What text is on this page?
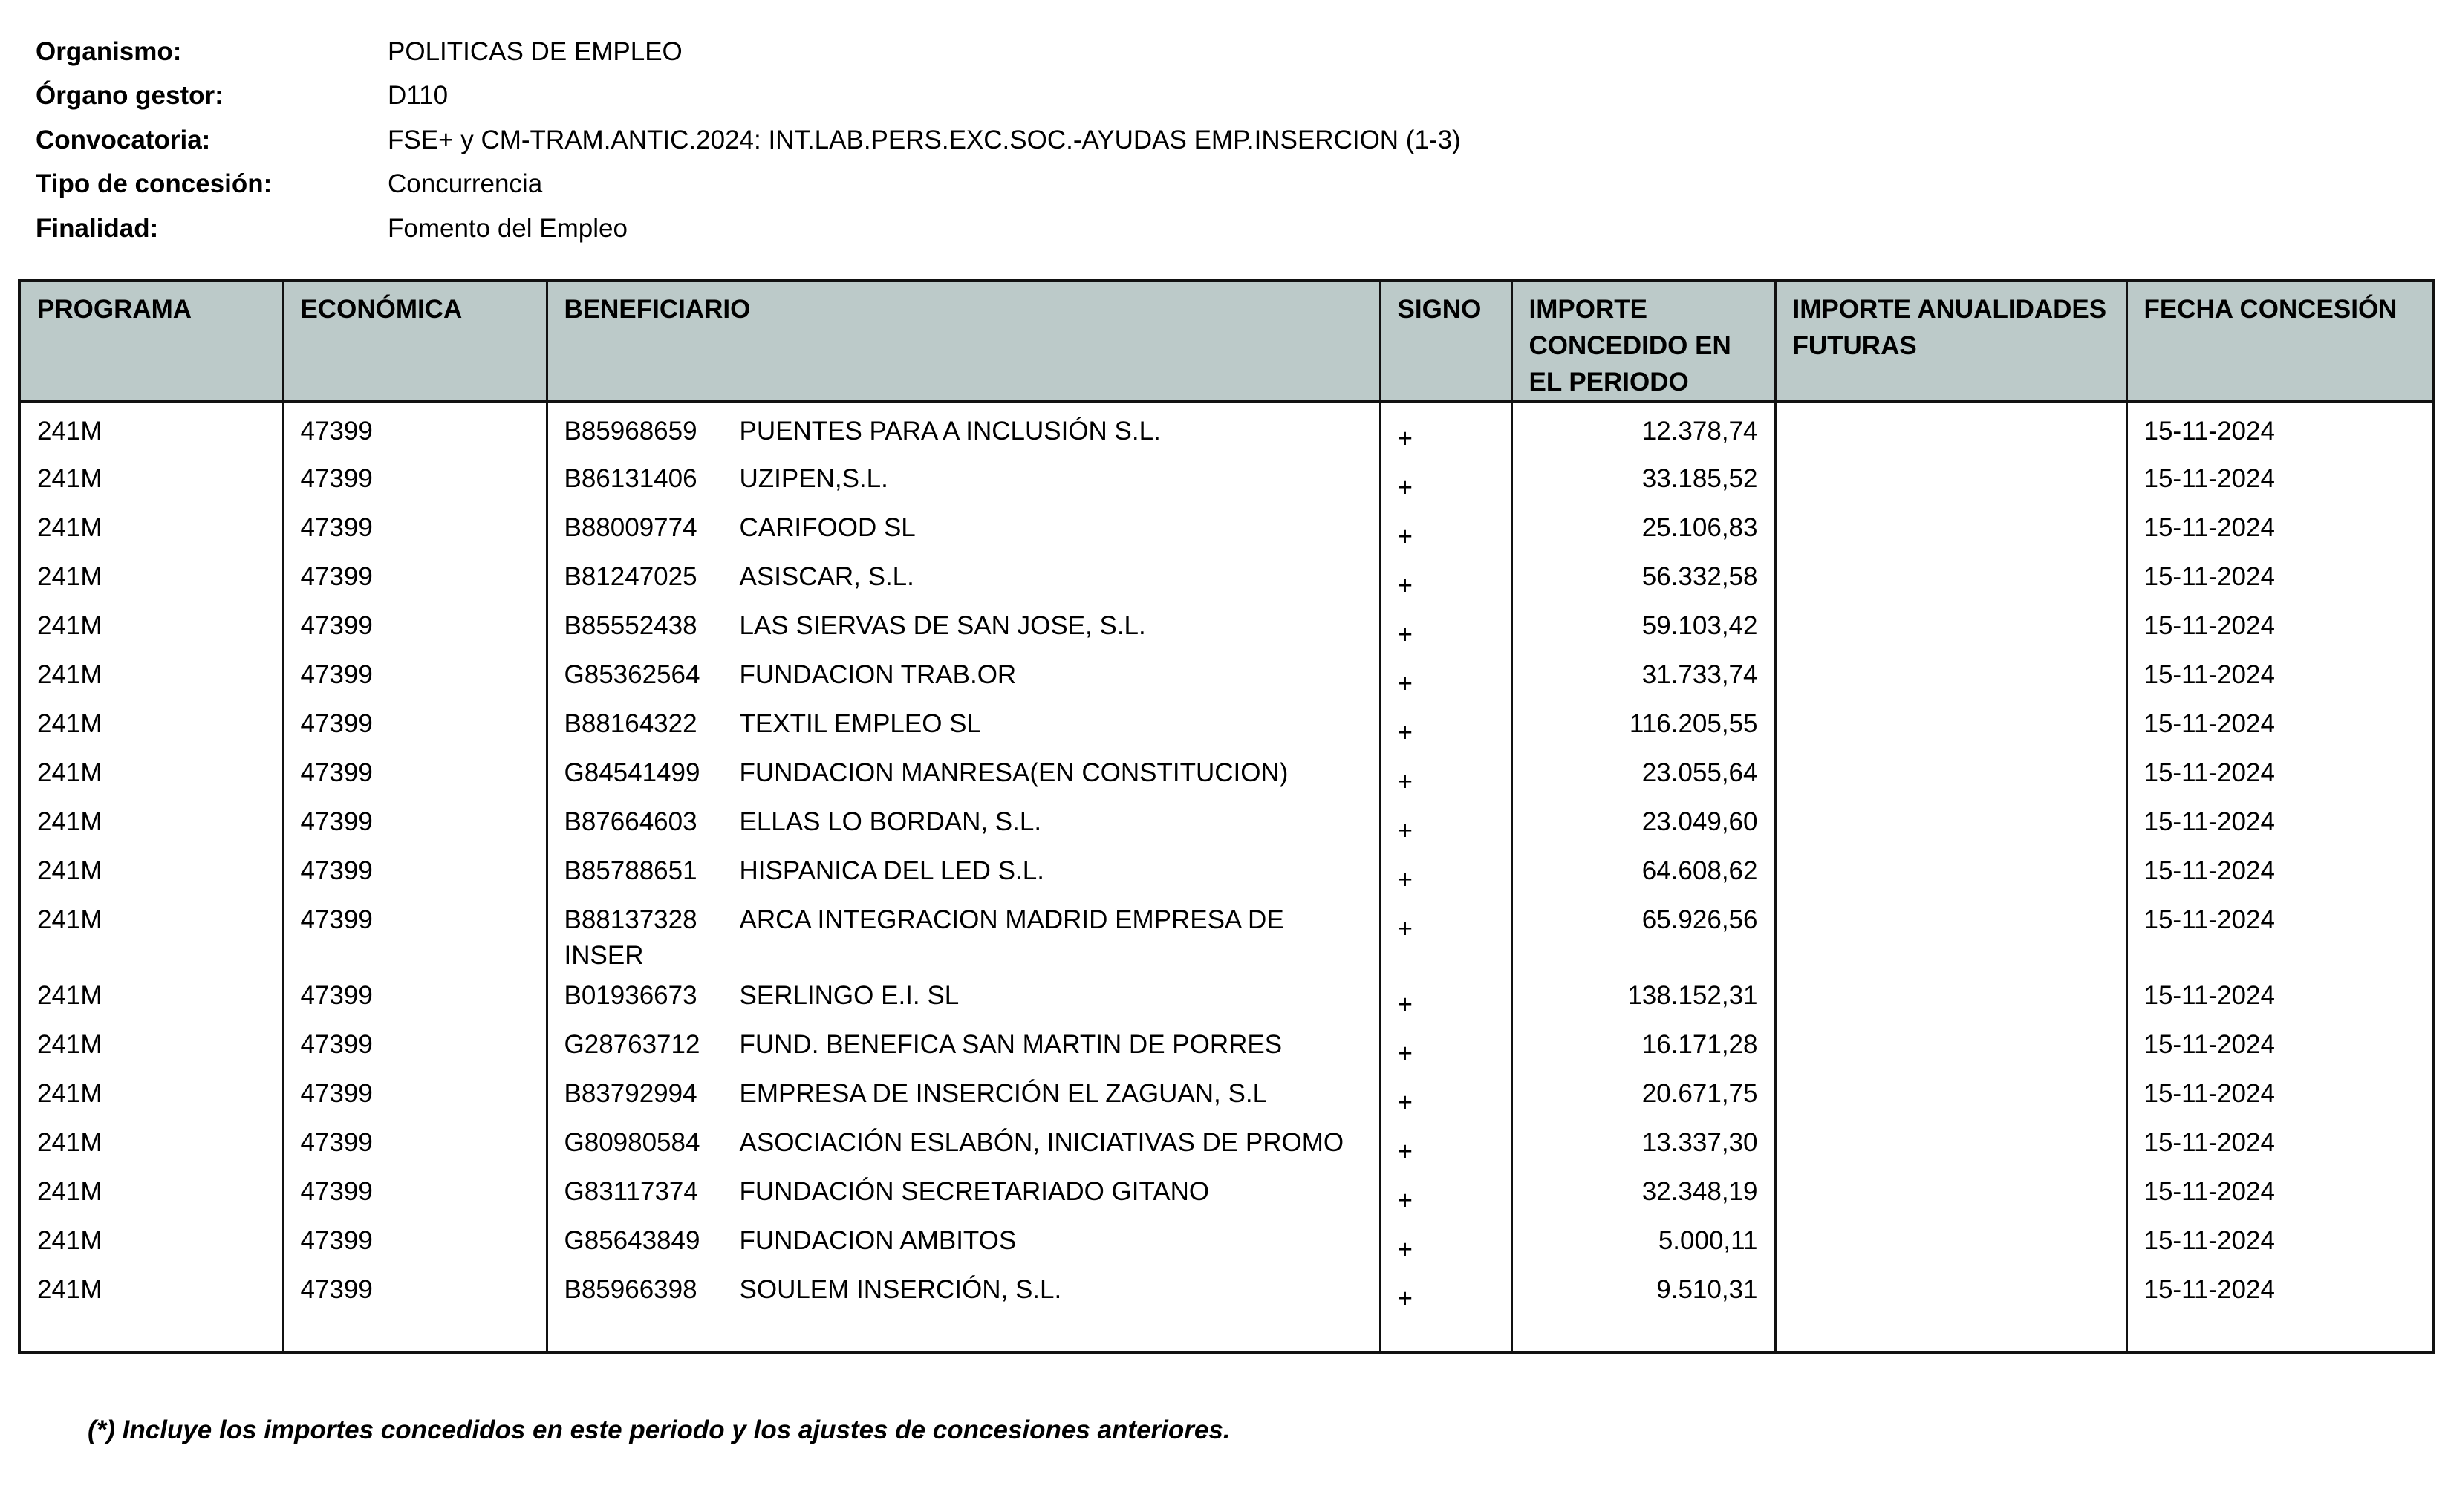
Organismo:	POLITICAS DE EMPLEO
Órgano gestor:	D110
Convocatoria:	FSE+ y CM-TRAM.ANTIC.2024: INT.LAB.PERS.EXC.SOC.-AYUDAS EMP.INSERCION (1-3)
Tipo de concesión:	Concurrencia
Finalidad:	Fomento del Empleo
PROGRAMA	ECONÓMICA	BENEFICIARIO	SIGNO	IMPORTE CONCEDIDO EN EL PERIODO	IMPORTE ANUALIDADES FUTURAS	FECHA CONCESIÓN
241M	47399	B85968659 PUENTES PARA A INCLUSIÓN S.L.	+	12.378,74		15-11-2024
241M	47399	B86131406 UZIPEN,S.L.	+	33.185,52		15-11-2024
241M	47399	B88009774 CARIFOOD SL	+	25.106,83		15-11-2024
241M	47399	B81247025 ASISCAR, S.L.	+	56.332,58		15-11-2024
241M	47399	B85552438 LAS SIERVAS DE SAN JOSE, S.L.	+	59.103,42		15-11-2024
241M	47399	G85362564 FUNDACION TRAB.OR	+	31.733,74		15-11-2024
241M	47399	B88164322 TEXTIL EMPLEO SL	+	116.205,55		15-11-2024
241M	47399	G84541499 FUNDACION MANRESA(EN CONSTITUCION)	+	23.055,64		15-11-2024
241M	47399	B87664603 ELLAS LO BORDAN, S.L.	+	23.049,60		15-11-2024
241M	47399	B85788651 HISPANICA DEL LED S.L.	+	64.608,62		15-11-2024
241M	47399	B88137328 ARCA INTEGRACION MADRID EMPRESA DE INSER	+	65.926,56		15-11-2024
241M	47399	B01936673 SERLINGO E.I. SL	+	138.152,31		15-11-2024
241M	47399	G28763712 FUND. BENEFICA SAN MARTIN DE PORRES	+	16.171,28		15-11-2024
241M	47399	B83792994 EMPRESA DE INSERCIÓN EL ZAGUAN, S.L	+	20.671,75		15-11-2024
241M	47399	G80980584 ASOCIACIÓN ESLABÓN, INICIATIVAS DE PROMO	+	13.337,30		15-11-2024
241M	47399	G83117374 FUNDACIÓN SECRETARIADO GITANO	+	32.348,19		15-11-2024
241M	47399	G85643849 FUNDACION AMBITOS	+	5.000,11		15-11-2024
241M	47399	B85966398 SOULEM INSERCIÓN, S.L.	+	9.510,31		15-11-2024

(*) Incluye los importes concedidos en este periodo y los ajustes de concesiones anteriores.
